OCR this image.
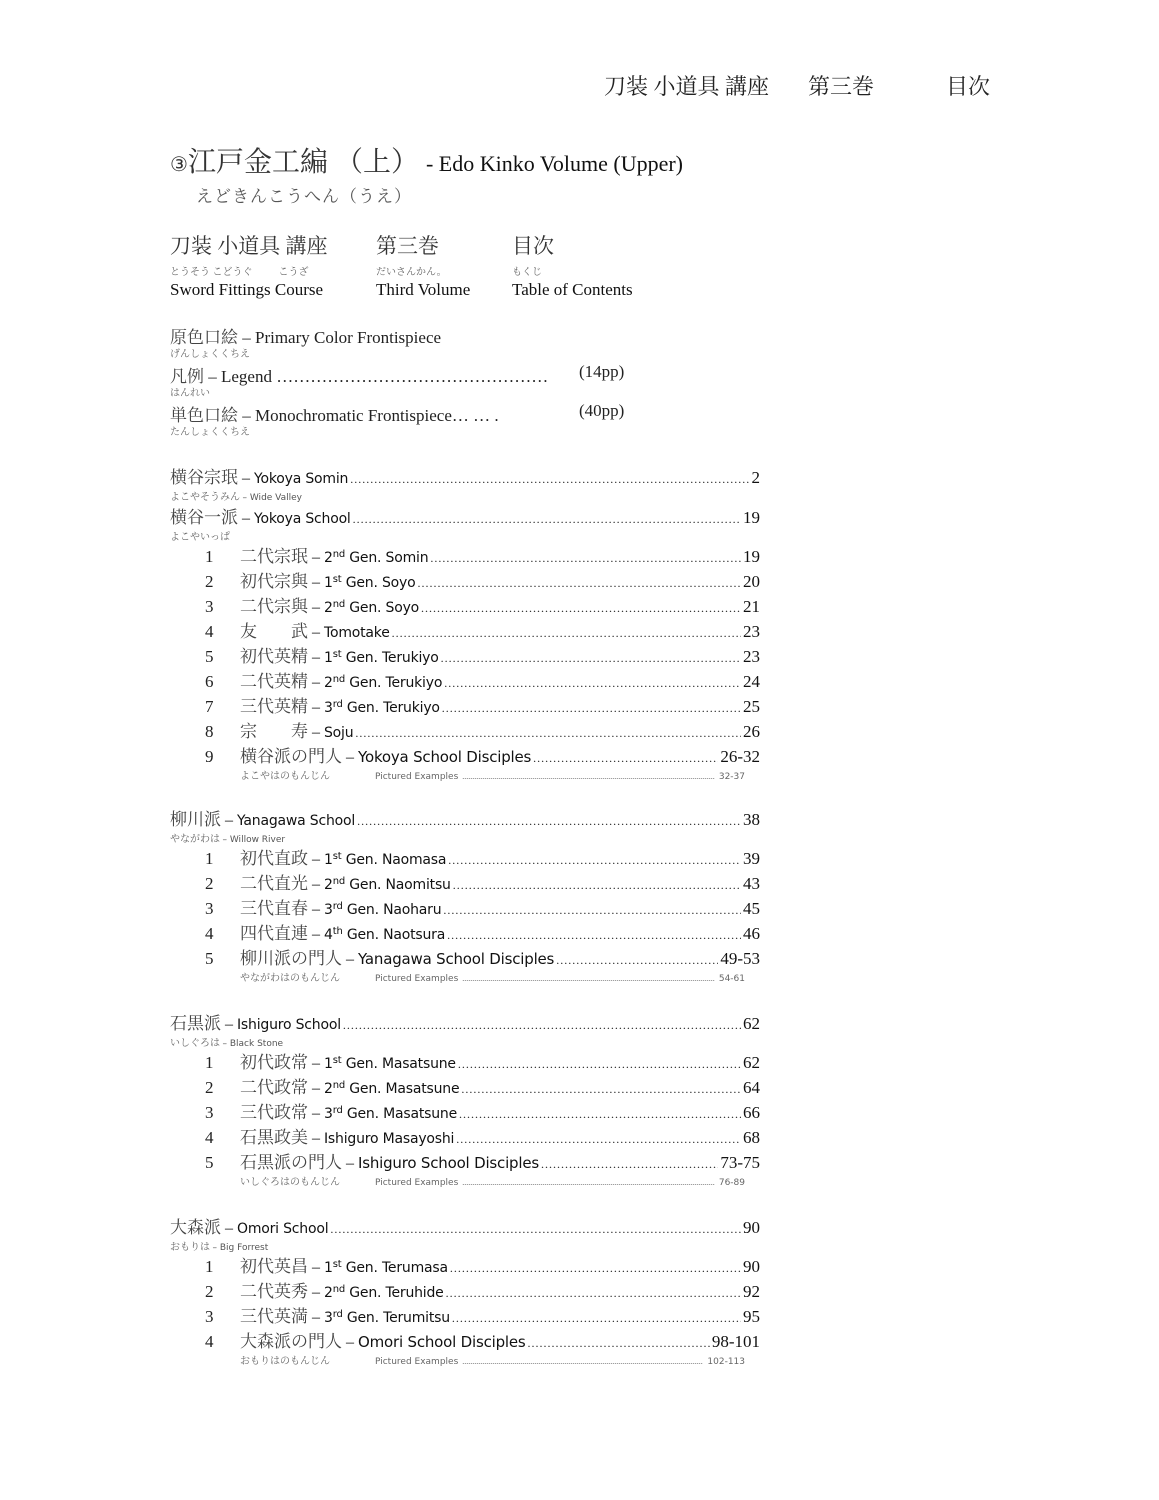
刀装 小道具 講座 第三巻	目次
③江戸金工編 （上） - Edo Kinko Volume (Upper)
えどきんこうへん（うえ）
刀装 小道具 講座
とうそう こどうぐ	こうざ
Sword Fittings Course
第三巻
だいさんかん。
Third Volume
目次
もくじ
Table of Contents
原色口絵 – Primary Color Frontispiece
げんしょくくちえ
凡例 – Legend ………………………………………… (14pp)
はんれい
単色口絵 – Monochromatic Frontispiece… … .	(40pp)
たんしょくくちえ
横谷宗珉 – Yokoya Somin .....	2
よこやそうみん – Wide Valley
横谷一派 – Yokoya School .....	19
よこやいっぱ
1	二代宗珉 – 2nd Gen. Somin .....	19
2	初代宗與 – 1st Gen. Soyo .....	20
3	二代宗與 – 2nd Gen. Soyo .....	21
4	友　　武 – Tomotake .....	23
5	初代英精 – 1st Gen. Terukiyo .....	23
6	二代英精 – 2nd Gen. Terukiyo .....	24
7	三代英精 – 3rd Gen. Terukiyo .....	25
8	宗　　寿 – Soju .....	26
9	横谷派の門人 – Yokoya School Disciples .....	26-32
よこやはのもんじん	Pictured Examples .....	32-37
柳川派 – Yanagawa School .....	38
やながわは – Willow River
1	初代直政 – 1st Gen. Naomasa .....	39
2	二代直光 – 2nd Gen. Naomitsu .....	43
3	三代直春 – 3rd Gen. Naoharu .....	45
4	四代直連 – 4th Gen. Naotsura .....	46
5	柳川派の門人 – Yanagawa School Disciples .....	49-53
やながわはのもんじん	Pictured Examples .....	54-61
石黒派 – Ishiguro School .....	62
いしぐろは – Black Stone
1	初代政常 – 1st Gen. Masatsune .....	62
2	二代政常 – 2nd Gen. Masatsune .....	64
3	三代政常 – 3rd Gen. Masatsune .....	66
4	石黒政美 – Ishiguro Masayoshi .....	68
5	石黒派の門人 – Ishiguro School Disciples .....	73-75
いしぐろはのもんじん	Pictured Examples .....	76-89
大森派 – Omori School .....	90
おもりは – Big Forrest
1	初代英昌 – 1st Gen. Terumasa .....	90
2	二代英秀 – 2nd Gen. Teruhide .....	92
3	三代英満 – 3rd Gen. Terumitsu .....	95
4	大森派の門人 – Omori School Disciples .....	98-101
おもりはのもんじん	Pictured Examples .....	102-113
